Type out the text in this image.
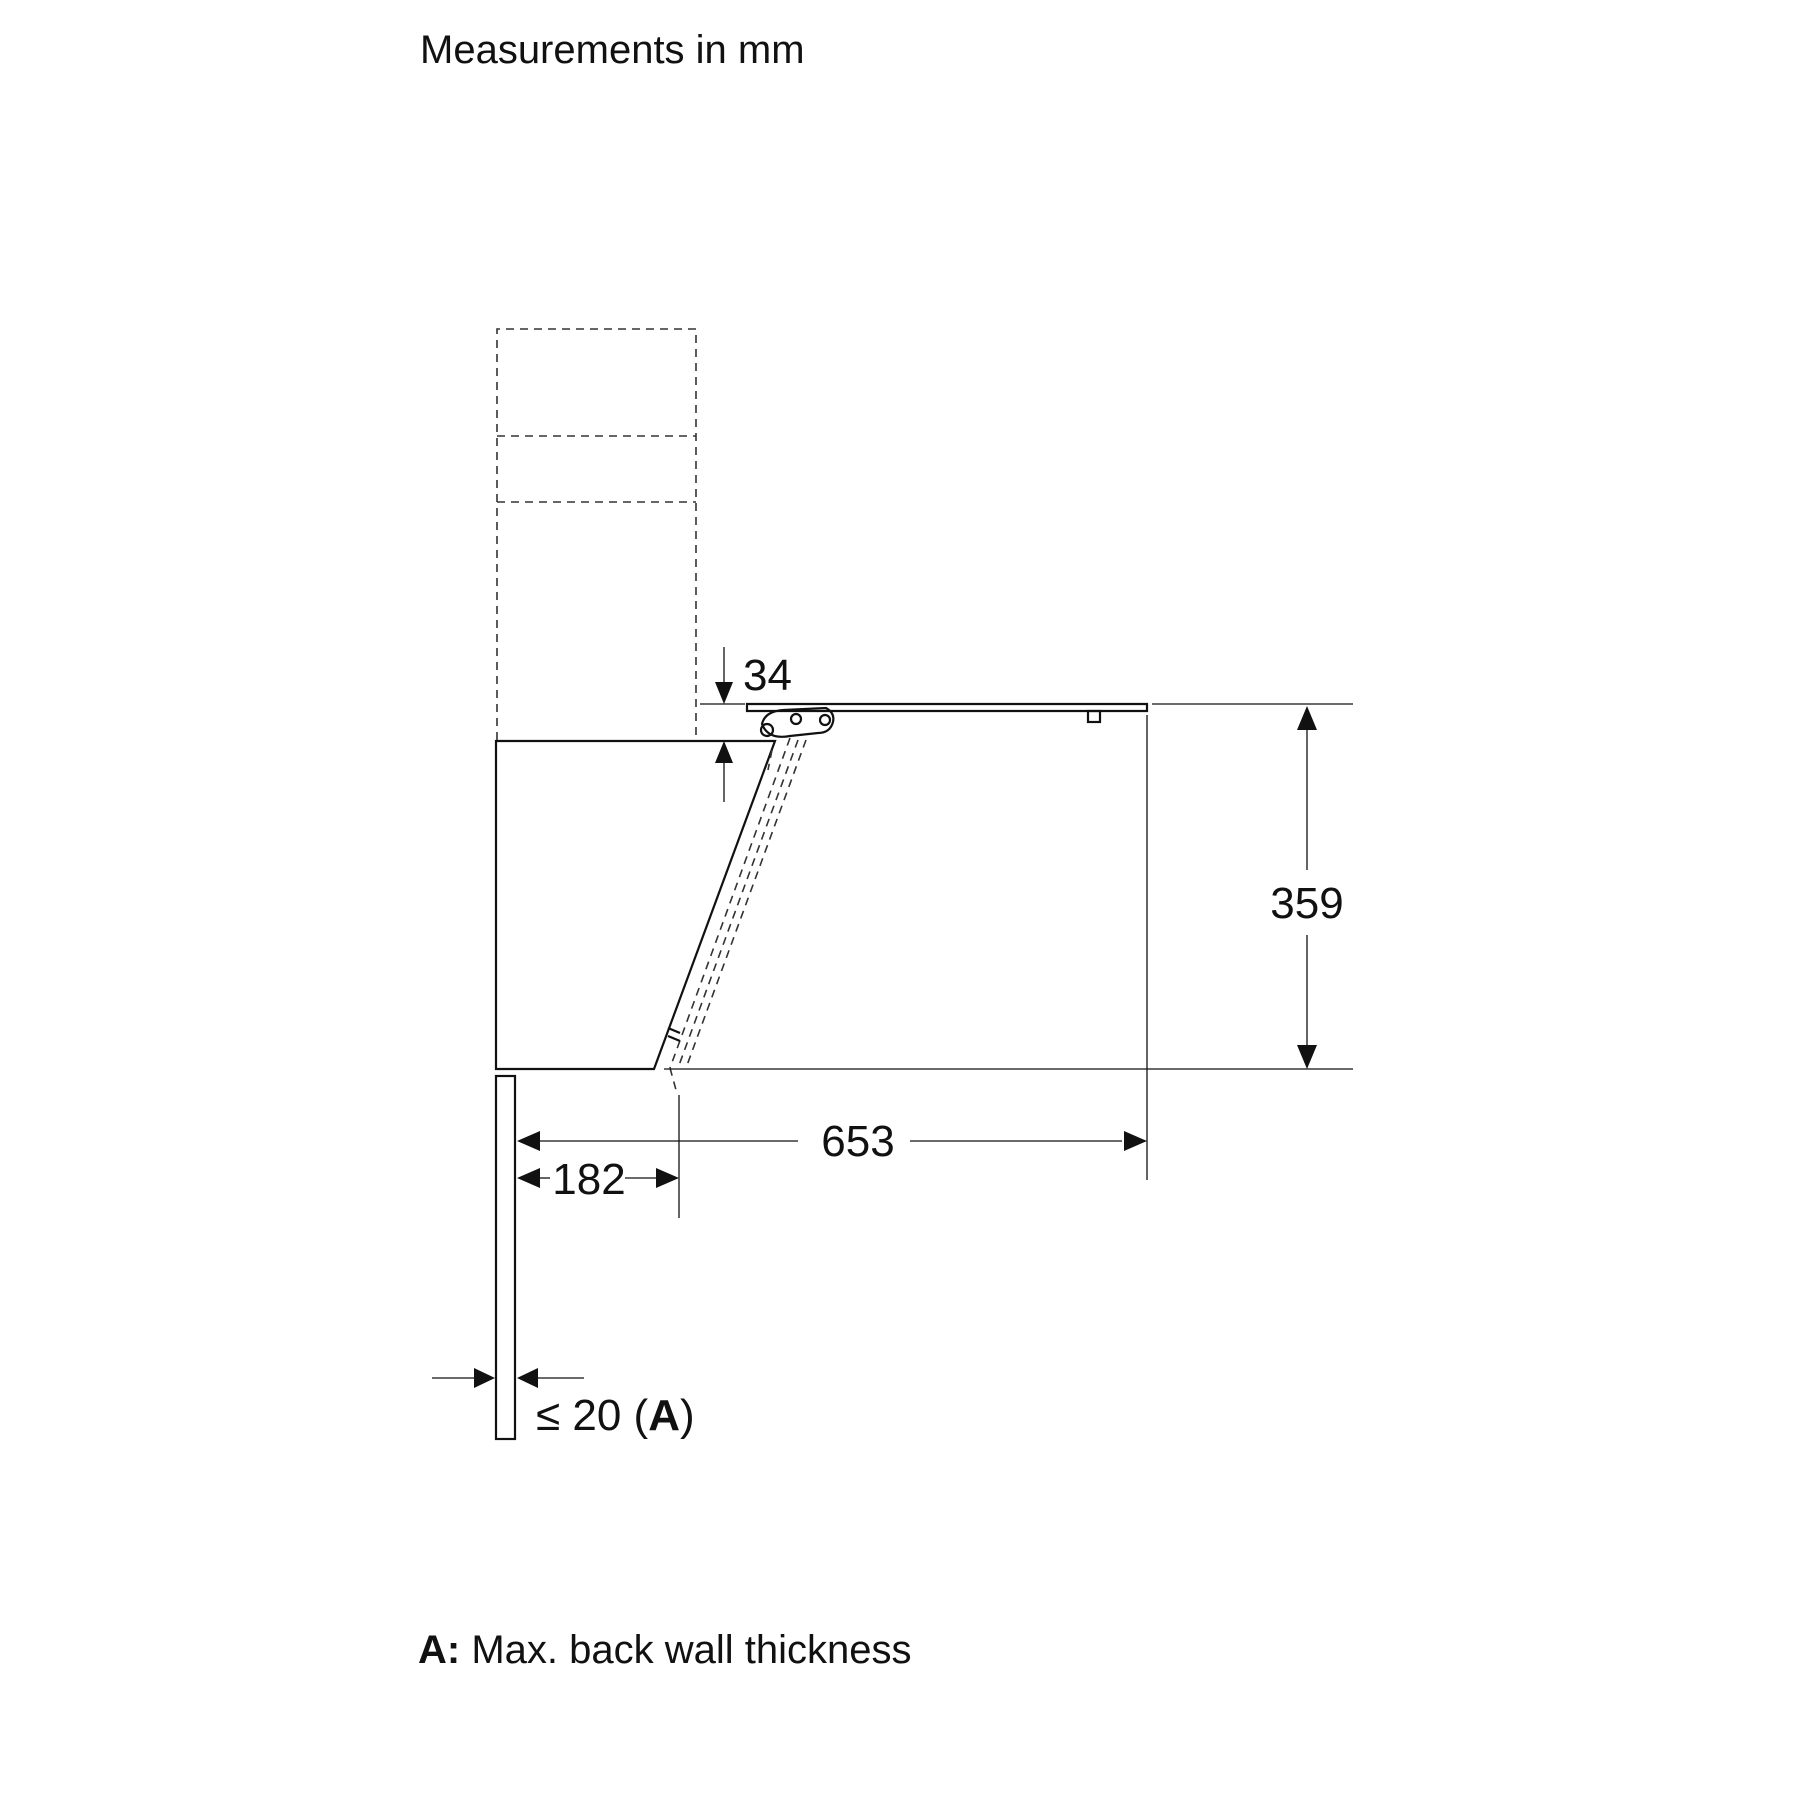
Measurements in mm
34
359
653
182
≤ 20 (A)
A: Max. back wall thickness
